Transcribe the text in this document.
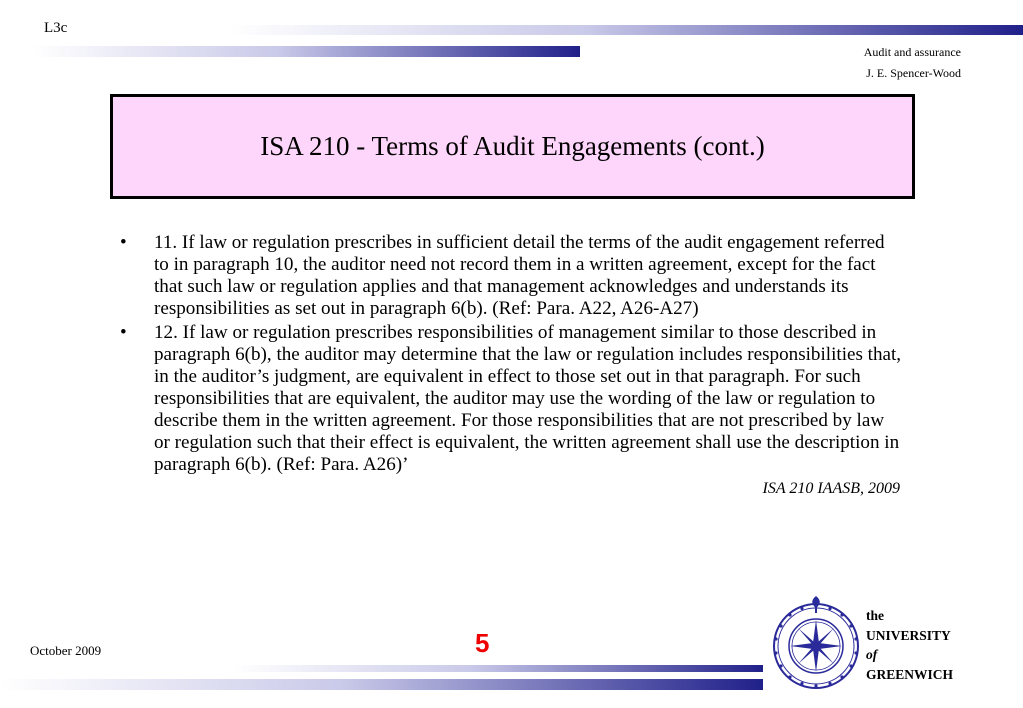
L3c
Audit and assurance
J. E. Spencer-Wood
ISA 210 - Terms of Audit Engagements (cont.)
•	11. If law or regulation prescribes in sufficient detail the terms of the audit engagement referred to in paragraph 10, the auditor need not record them in a written agreement, except for the fact that such law or regulation applies and that management acknowledges and understands its responsibilities as set out in paragraph 6(b). (Ref: Para. A22, A26-A27)
•	12. If law or regulation prescribes responsibilities of management similar to those described in paragraph 6(b), the auditor may determine that the law or regulation includes responsibilities that, in the auditor’s judgment, are equivalent in effect to those set out in that paragraph. For such responsibilities that are equivalent, the auditor may use the wording of the law or regulation to describe them in the written agreement. For those responsibilities that are not prescribed by law or regulation such that their effect is equivalent, the written agreement shall use the description in paragraph 6(b). (Ref: Para. A26)’
ISA 210 IAASB, 2009
October 2009	5
the
UNIVERSITY
of
GREENWICH
